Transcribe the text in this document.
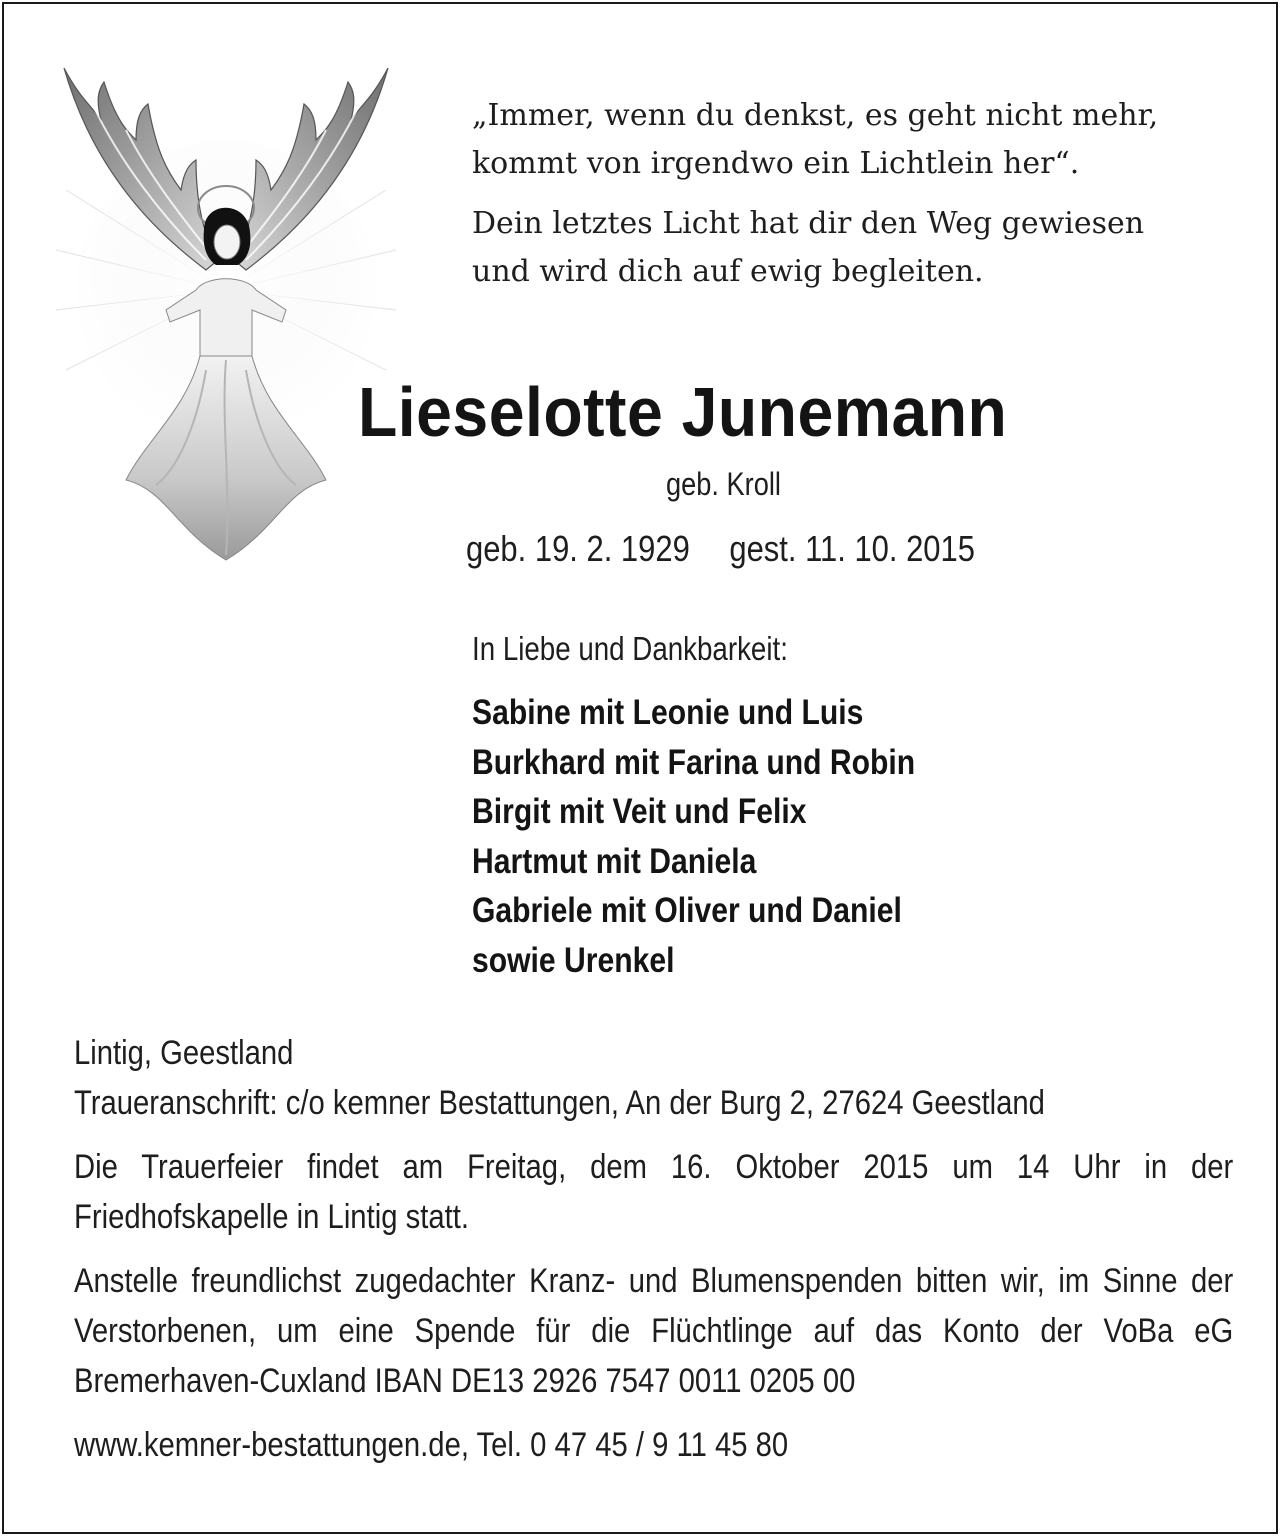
„Immer, wenn du denkst, es geht nicht mehr,
kommt von irgendwo ein Lichtlein her“.

Dein letztes Licht hat dir den Weg gewiesen
und wird dich auf ewig begleiten.

Lieselotte Junemann
geb. Kroll
geb. 19. 2. 1929 gest. 11. 10. 2015
In Liebe und Dankbarkeit:
Sabine mit Leonie und Luis
Burkhard mit Farina und Robin
Birgit mit Veit und Felix
Hartmut mit Daniela
Gabriele mit Oliver und Daniel
sowie Urenkel
Lintig, Geestland
Traueranschrift: c/o kemner Bestattungen, An der Burg 2, 27624 Geestland
Die Trauerfeier findet am Freitag, dem 16. Oktober 2015 um 14 Uhr in der Friedhofskapelle in Lintig statt.
Anstelle freundlichst zugedachter Kranz- und Blumenspenden bitten wir, im Sinne der Verstorbenen, um eine Spende für die Flüchtlinge auf das Konto der VoBa eG Bremerhaven-Cuxland IBAN DE13 2926 7547 0011 0205 00
www.kemner-bestattungen.de, Tel. 0 47 45 / 9 11 45 80
